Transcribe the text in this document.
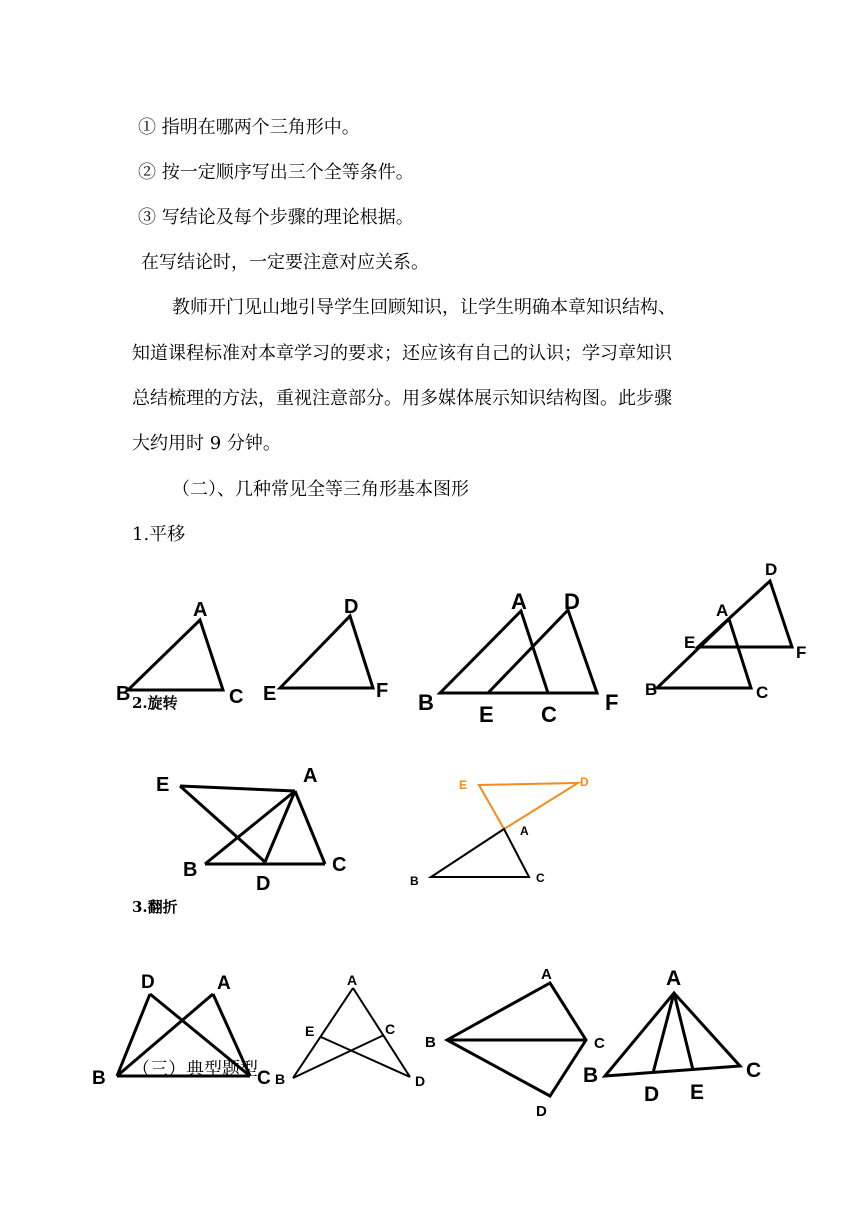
① 指明在哪两个三角形中。
② 按一定顺序写出三个全等条件。
③ 写结论及每个步骤的理论根据。
在写结论时，一定要注意对应关系。
教师开门见山地引导学生回顾知识，让学生明确本章知识结构、
知道课程标准对本章学习的要求；还应该有自己的认识；学习章知识
总结梳理的方法，重视注意部分。用多媒体展示知识结构图。此步骤
大约用时 9 分钟。
（二）、几种常见全等三角形基本图形
1.平移
A
B	C
D
E	F
A D
B E C F
D
A
E
F
B	C
E	A
B
D
C
E	D
A
B	C
D	A
B	C
A
E	C
B	D
A
B	C
D
A
B
D E
C
2.旋转
3.翻折
（三）典型题型
